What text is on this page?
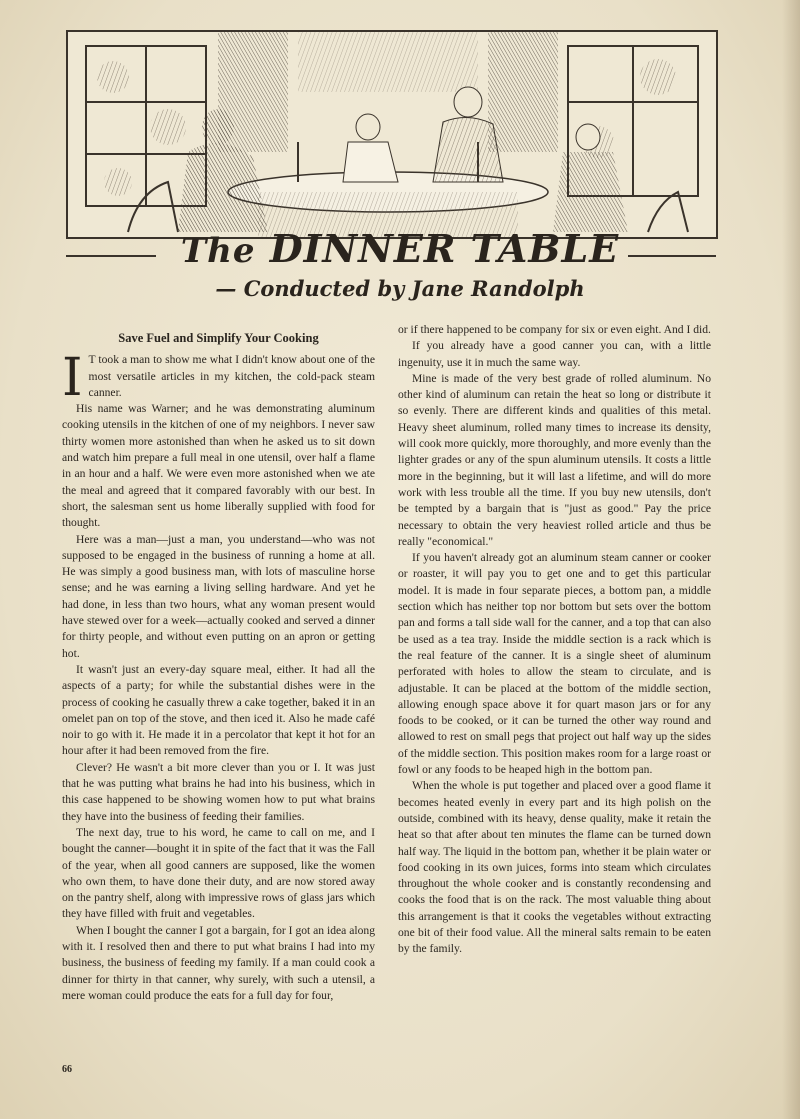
The DINNER TABLE
— Conducted by Jane Randolph
Save Fuel and Simplify Your Cooking

I T took a man to show me what I didn't know about one of the most versatile articles in my kitchen, the cold-pack steam canner.

His name was Warner; and he was demonstrating aluminum cooking utensils in the kitchen of one of my neighbors. I never saw thirty women more astonished than when he asked us to sit down and watch him prepare a full meal in one utensil, over half a flame in an hour and a half. We were even more astonished when we ate the meal and agreed that it compared favorably with our best. In short, the salesman sent us home liberally supplied with food for thought.

Here was a man—just a man, you understand—who was not supposed to be engaged in the business of running a home at all. He was simply a good business man, with lots of masculine horse sense; and he was earning a living selling hardware. And yet he had done, in less than two hours, what any woman present would have stewed over for a week—actually cooked and served a dinner for thirty people, and without even putting on an apron or getting hot.

It wasn't just an every-day square meal, either. It had all the aspects of a party; for while the substantial dishes were in the process of cooking he casually threw a cake together, baked it in an omelet pan on top of the stove, and then iced it. Also he made café noir to go with it. He made it in a percolator that kept it hot for an hour after it had been removed from the fire.

Clever? He wasn't a bit more clever than you or I. It was just that he was putting what brains he had into his business, which in this case happened to be showing women how to put what brains they have into the business of feeding their families.

The next day, true to his word, he came to call on me, and I bought the canner—bought it in spite of the fact that it was the Fall of the year, when all good canners are supposed, like the women who own them, to have done their duty, and are now stored away on the pantry shelf, along with impressive rows of glass jars which they have filled with fruit and vegetables.

When I bought the canner I got a bargain, for I got an idea along with it. I resolved then and there to put what brains I had into my business, the business of feeding my family. If a man could cook a dinner for thirty in that canner, why surely, with such a utensil, a mere woman could produce the eats for a full day for four,

or if there happened to be company for six or even eight. And I did.

If you already have a good canner you can, with a little ingenuity, use it in much the same way.

Mine is made of the very best grade of rolled aluminum. No other kind of aluminum can retain the heat so long or distribute it so evenly. There are different kinds and qualities of this metal. Heavy sheet aluminum, rolled many times to increase its density, will cook more quickly, more thoroughly, and more evenly than the lighter grades or any of the spun aluminum utensils. It costs a little more in the beginning, but it will last a lifetime, and will do more work with less trouble all the time. If you buy new utensils, don't be tempted by a bargain that is "just as good." Pay the price necessary to obtain the very heaviest rolled article and thus be really "economical."

If you haven't already got an aluminum steam canner or cooker or roaster, it will pay you to get one and to get this particular model. It is made in four separate pieces, a bottom pan, a middle section which has neither top nor bottom but sets over the bottom pan and forms a tall side wall for the canner, and a top that can also be used as a tea tray. Inside the middle section is a rack which is the real feature of the canner. It is a single sheet of aluminum perforated with holes to allow the steam to circulate, and is adjustable. It can be placed at the bottom of the middle section, allowing enough space above it for quart mason jars or for any foods to be cooked, or it can be turned the other way round and allowed to rest on small pegs that project out half way up the sides of the middle section. This position makes room for a large roast or fowl or any foods to be heaped high in the bottom pan.

When the whole is put together and placed over a good flame it becomes heated evenly in every part and its high polish on the outside, combined with its heavy, dense quality, make it retain the heat so that after about ten minutes the flame can be turned down half way. The liquid in the bottom pan, whether it be plain water or food cooking in its own juices, forms into steam which circulates throughout the whole cooker and is constantly recondensing and cooks the food that is on the rack. The most valuable thing about this arrangement is that it cooks the vegetables without extracting one bit of their food value. All the mineral salts remain to be eaten by the family.

66
